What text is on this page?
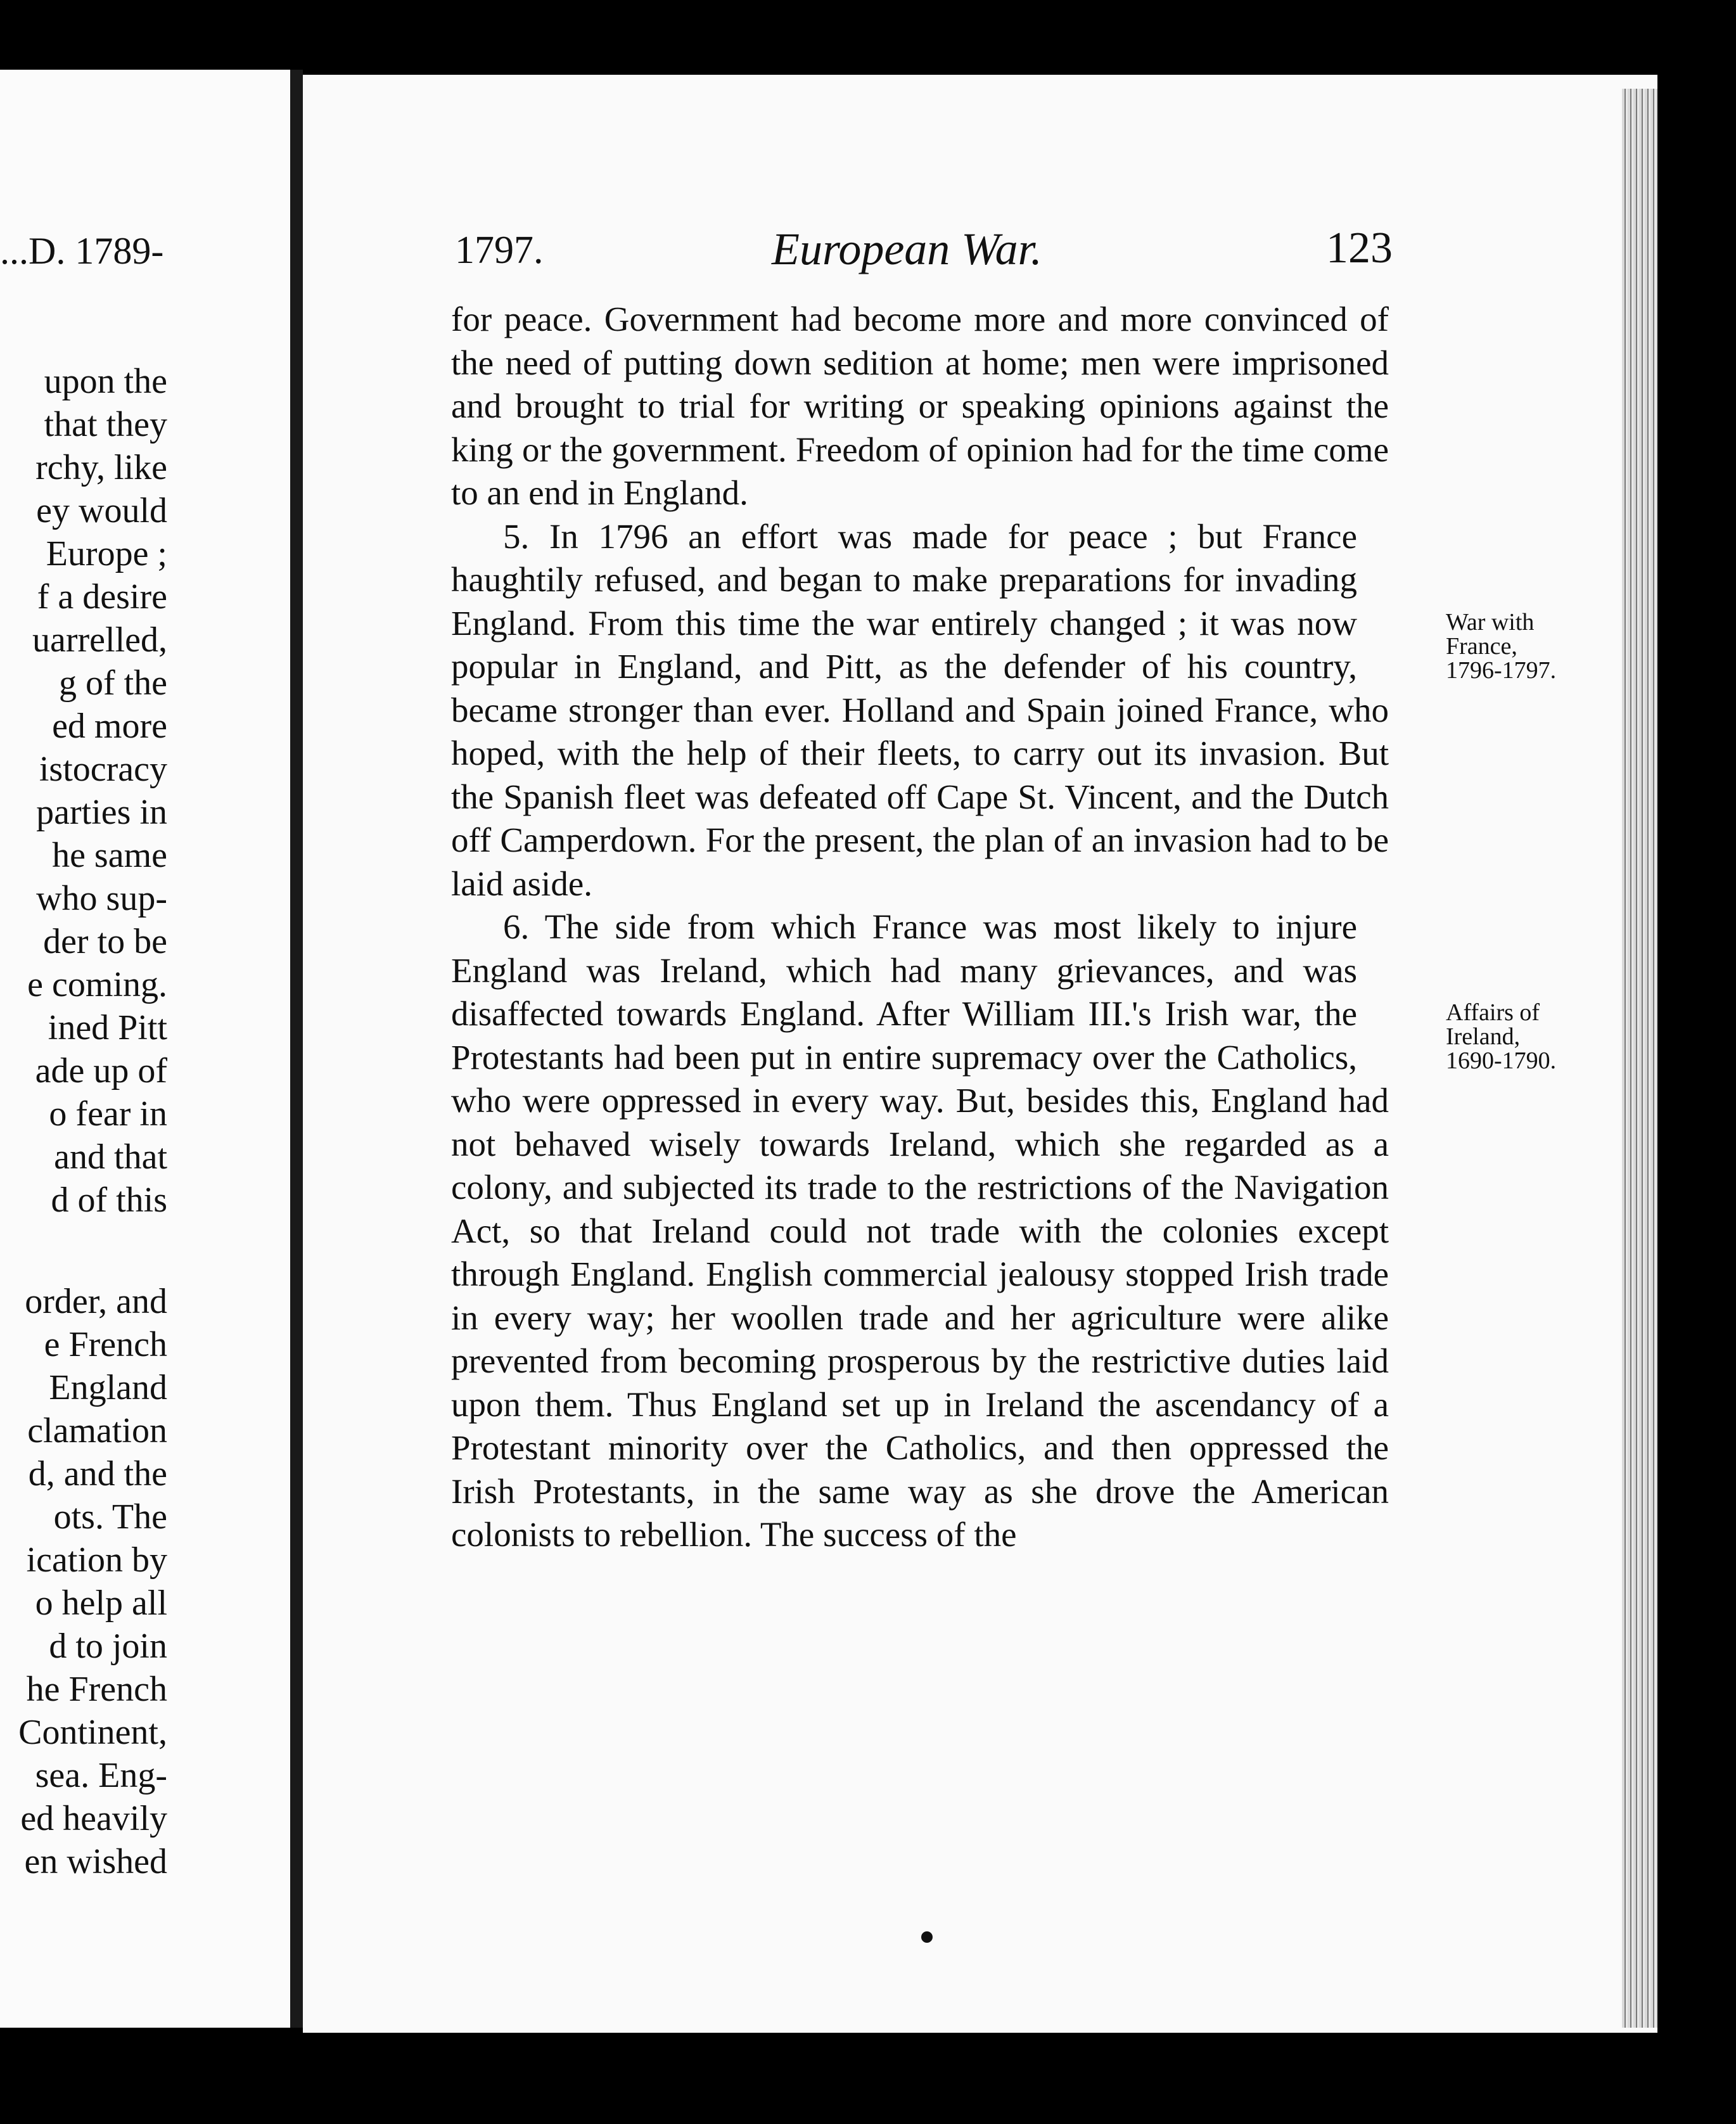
...D. 1789-
upon the
that they
rchy, like
ey would
Europe ;
f a desire
uarrelled,
g of the
ed more
istocracy
parties in
he same
who sup-
der to be
e coming.
ined Pitt
ade up of
o fear in
and that
d of this
order, and
e French
England
clamation
d, and the
ots. The
ication by
o help all
d to join
he French
Continent,
sea. Eng-
ed heavily
en wished
1797.	European War.	123

for peace. Government had become more and more convinced of the need of putting down sedition at home; men were imprisoned and brought to trial for writing or speaking opinions against the king or the government. Freedom of opinion had for the time come to an end in England.

War with
France,
1796-1797.
5. In 1796 an effort was made for peace ; but France haughtily refused, and began to make preparations for invading England. From this time the war entirely changed ; it was now popular in England, and Pitt, as the defender of his country, became stronger than ever. Holland and Spain joined France, who hoped, with the help of their fleets, to carry out its invasion. But the Spanish fleet was defeated off Cape St. Vincent, and the Dutch off Camperdown. For the present, the plan of an invasion had to be laid aside.

Affairs of
Ireland,
1690-1790.
6. The side from which France was most likely to injure England was Ireland, which had many grievances, and was disaffected towards England. After William III.'s Irish war, the Protestants had been put in entire supremacy over the Catholics, who were oppressed in every way. But, besides this, England had not behaved wisely towards Ireland, which she regarded as a colony, and subjected its trade to the restrictions of the Navigation Act, so that Ireland could not trade with the colonies except through England. English commercial jealousy stopped Irish trade in every way; her woollen trade and her agriculture were alike prevented from becoming prosperous by the restrictive duties laid upon them. Thus England set up in Ireland the ascendancy of a Protestant minority over the Catholics, and then oppressed the Irish Protestants, in the same way as she drove the American colonists to rebellion. The success of the
